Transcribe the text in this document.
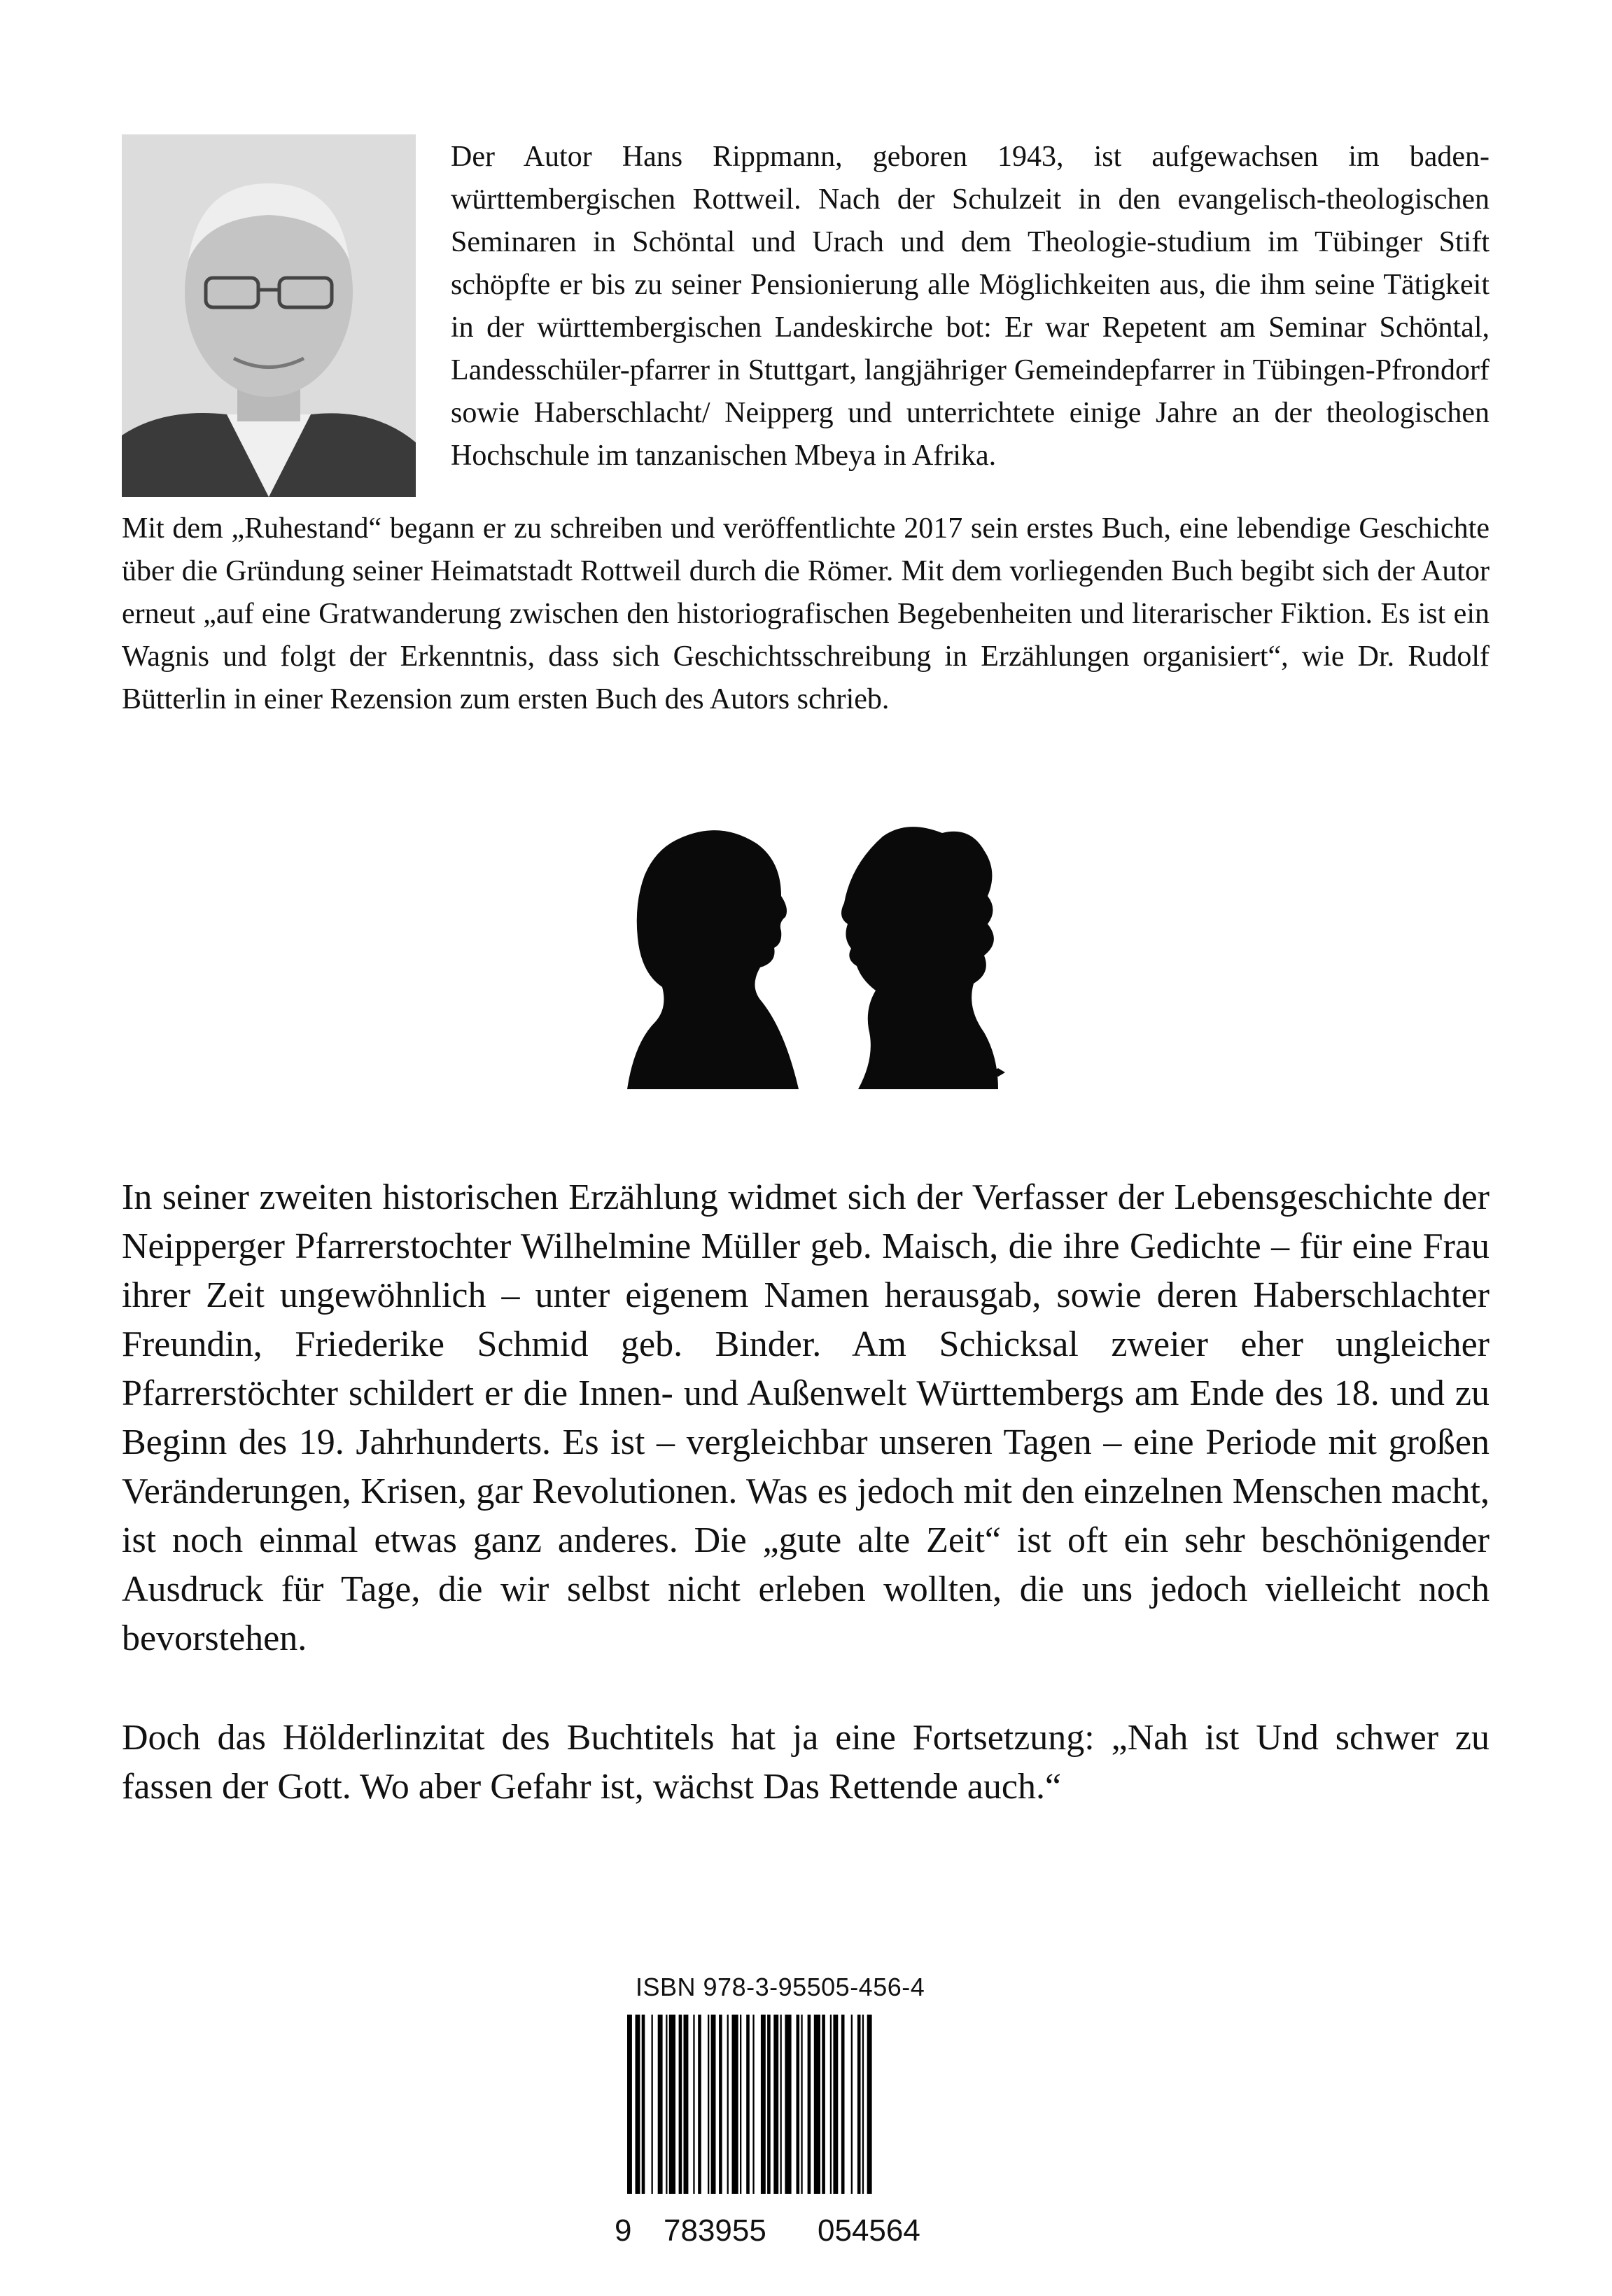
Der Autor Hans Rippmann, geboren 1943, ist aufgewachsen im baden-württembergischen Rottweil. Nach der Schulzeit in den evangelisch-theologischen Seminaren in Schöntal und Urach und dem Theologie-studium im Tübinger Stift schöpfte er bis zu seiner Pensionierung alle Möglichkeiten aus, die ihm seine Tätigkeit in der württembergischen Landeskirche bot: Er war Repetent am Seminar Schöntal, Landesschüler-pfarrer in Stuttgart, langjähriger Gemeindepfarrer in Tübingen-Pfrondorf sowie Haberschlacht/ Neipperg und unterrichtete einige Jahre an der theologischen Hochschule im tanzanischen Mbeya in Afrika.

Mit dem „Ruhestand“ begann er zu schreiben und veröffentlichte 2017 sein erstes Buch, eine lebendige Geschichte über die Gründung seiner Heimatstadt Rottweil durch die Römer. Mit dem vorliegenden Buch begibt sich der Autor erneut „auf eine Gratwanderung zwischen den historiografischen Begebenheiten und literarischer Fiktion. Es ist ein Wagnis und folgt der Erkenntnis, dass sich Geschichtsschreibung in Erzählungen organisiert“, wie Dr. Rudolf Bütterlin in einer Rezension zum ersten Buch des Autors schrieb.

In seiner zweiten historischen Erzählung widmet sich der Verfasser der Lebensgeschichte der Neipperger Pfarrerstochter Wilhelmine Müller geb. Maisch, die ihre Gedichte – für eine Frau ihrer Zeit ungewöhnlich – unter eigenem Namen herausgab, sowie deren Haberschlachter Freundin, Friederike Schmid geb. Binder. Am Schicksal zweier eher ungleicher Pfarrerstöchter schildert er die Innen- und Außenwelt Württembergs am Ende des 18. und zu Beginn des 19. Jahrhunderts. Es ist – vergleichbar unseren Tagen – eine Periode mit großen Veränderungen, Krisen, gar Revolutionen. Was es jedoch mit den einzelnen Menschen macht, ist noch einmal etwas ganz anderes. Die „gute alte Zeit“ ist oft ein sehr beschönigender Ausdruck für Tage, die wir selbst nicht erleben wollten, die uns jedoch vielleicht noch bevorstehen.

Doch das Hölderlinzitat des Buchtitels hat ja eine Fortsetzung: „Nah ist Und schwer zu fassen der Gott. Wo aber Gefahr ist, wächst Das Rettende auch.“

ISBN 978-3-95505-456-4
9 783955 054564
